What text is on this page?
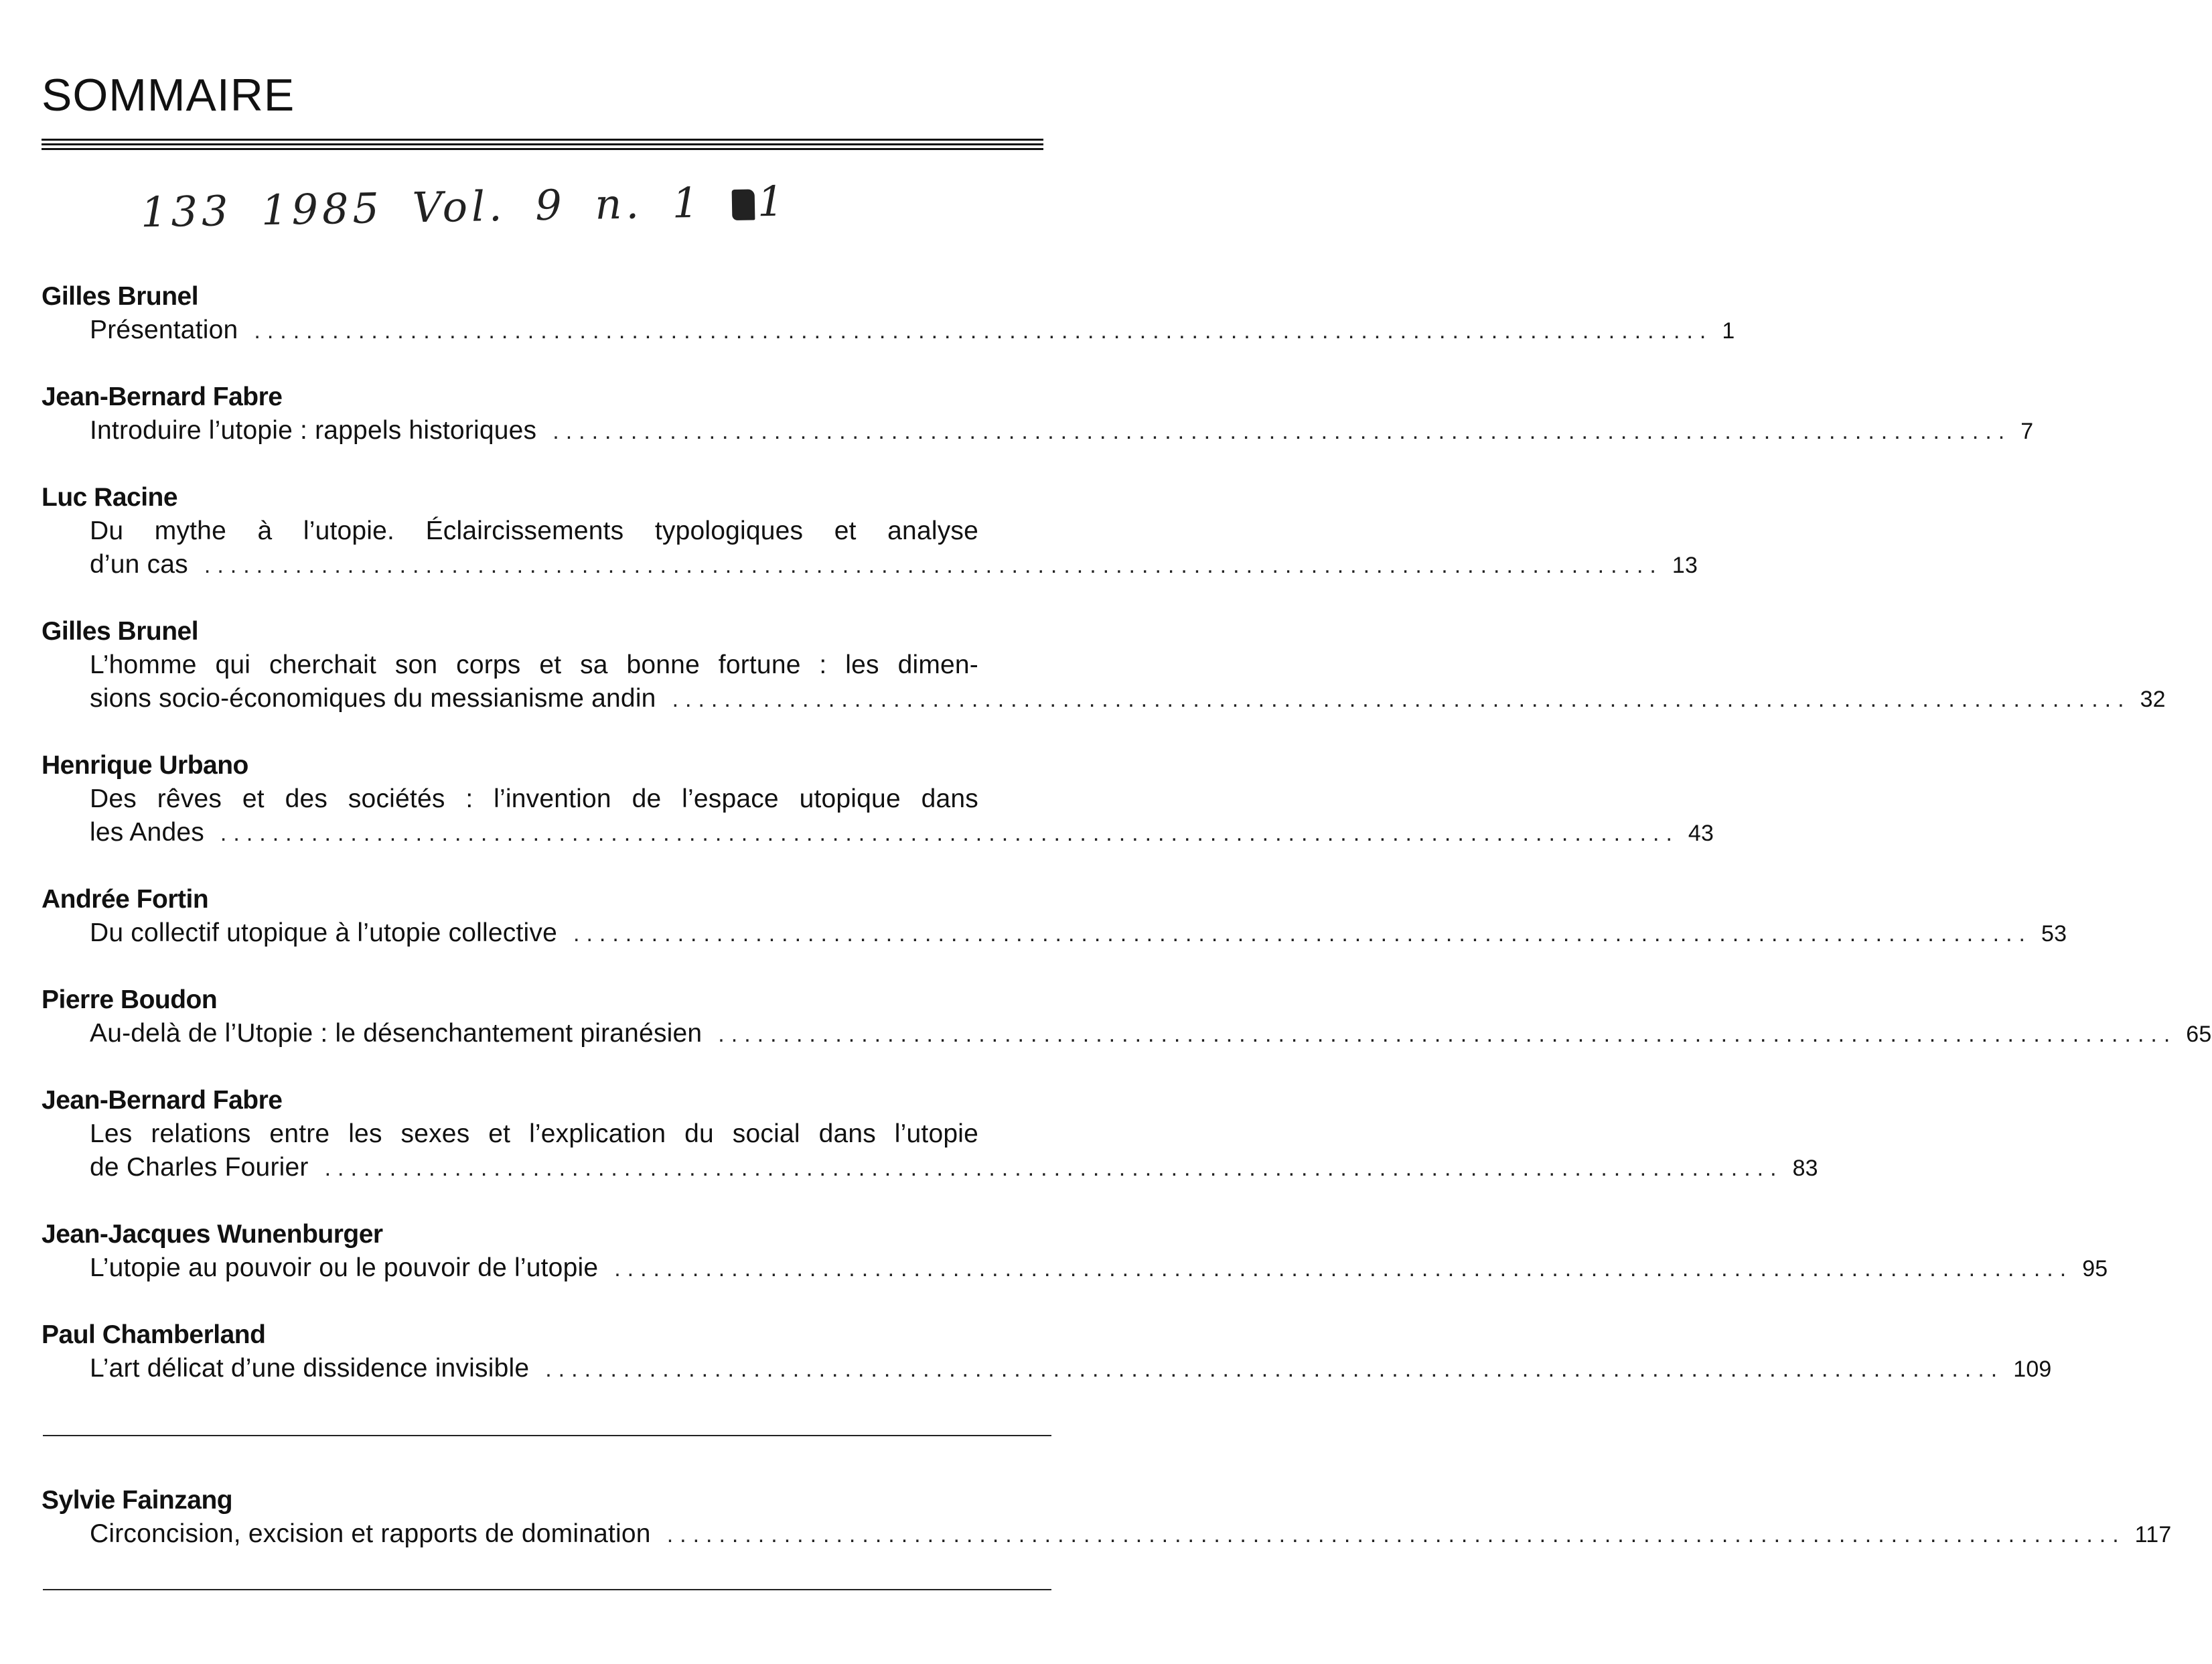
SOMMAIRE
133 1985 Vol. 9 n. 1 1
Gilles Brunel
Présentation ................................................................................................................ 1
Jean-Bernard Fabre
Introduire l’utopie : rappels historiques ................................................................................................................ 7
Luc Racine
Du mythe à l’utopie. Éclaircissements typologiques et analyse
d’un cas ................................................................................................................ 13
Gilles Brunel
L’homme qui cherchait son corps et sa bonne fortune : les dimen-
sions socio-économiques du messianisme andin ................................................................................................................ 32
Henrique Urbano
Des rêves et des sociétés : l’invention de l’espace utopique dans
les Andes ................................................................................................................ 43
Andrée Fortin
Du collectif utopique à l’utopie collective ................................................................................................................ 53
Pierre Boudon
Au-delà de l’Utopie : le désenchantement piranésien ................................................................................................................ 65
Jean-Bernard Fabre
Les relations entre les sexes et l’explication du social dans l’utopie
de Charles Fourier ................................................................................................................ 83
Jean-Jacques Wunenburger
L’utopie au pouvoir ou le pouvoir de l’utopie ................................................................................................................ 95
Paul Chamberland
L’art délicat d’une dissidence invisible ................................................................................................................ 109
Sylvie Fainzang
Circoncision, excision et rapports de domination ................................................................................................................ 117
